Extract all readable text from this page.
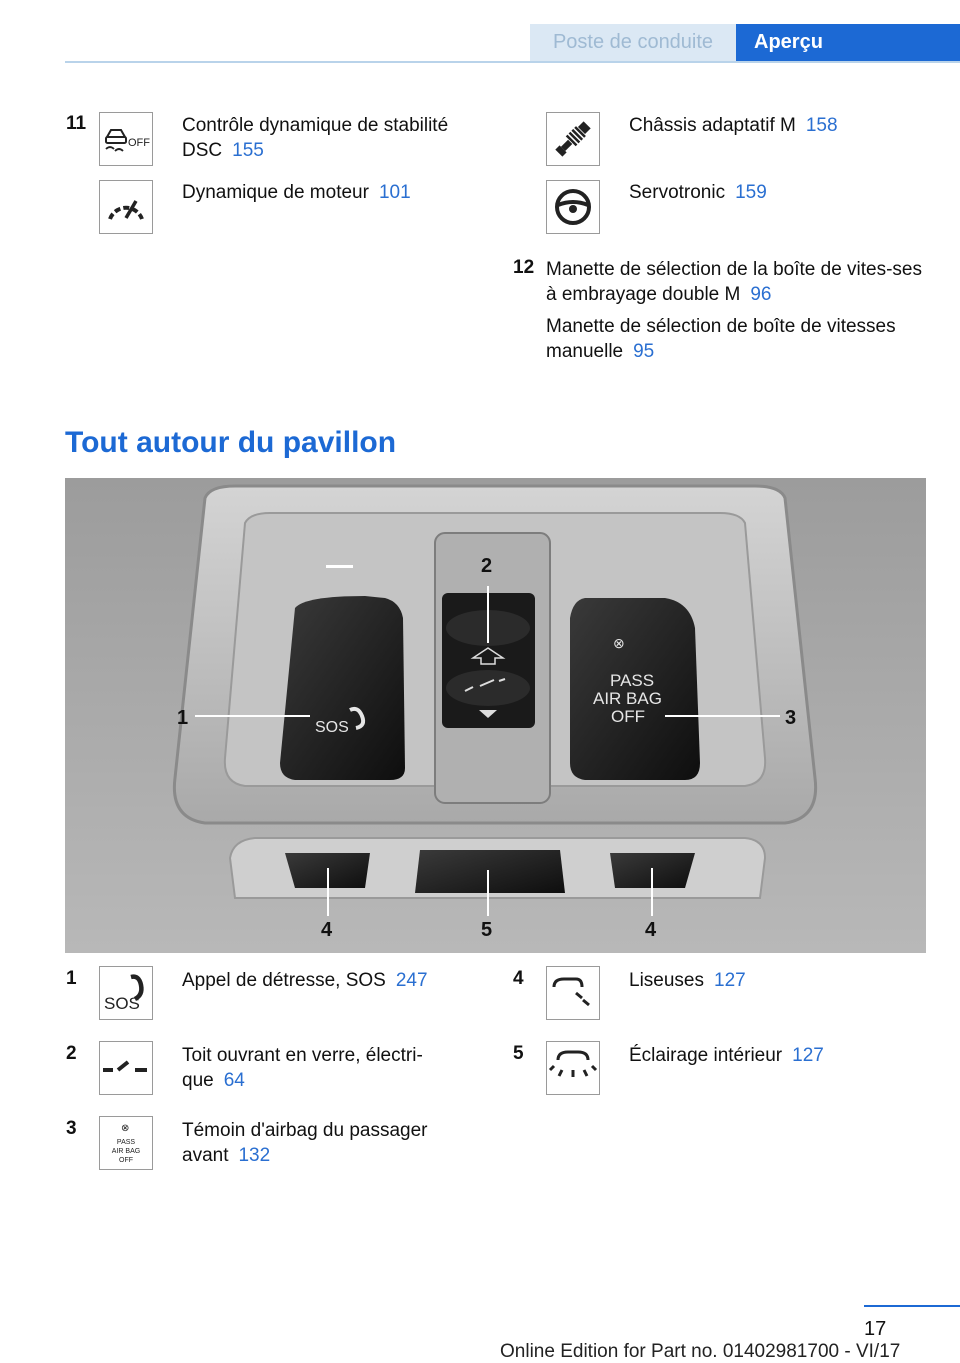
Poste de conduite	Aperçu
11
OFF
Contrôle dynamique de stabilité DSC 155
Dynamique de moteur 101
Châssis adaptatif M 158
Servotronic 159
12 Manette de sélection de la boîte de vites-ses à embrayage double M 96
Manette de sélection de boîte de vitesses manuelle 95
Tout autour du pavillon
SOS
⊗
PASS
AIR BAG
OFF
1
2
3
4	5	4
1
SOS
Appel de détresse, SOS 247
2	Toit ouvrant en verre, électri-que 64
3	⊗
PASS
AIR BAG
OFF
Témoin d'airbag du passager avant 132
4	Liseuses 127
5	Éclairage intérieur 127
17
Online Edition for Part no. 01402981700 - VI/17
